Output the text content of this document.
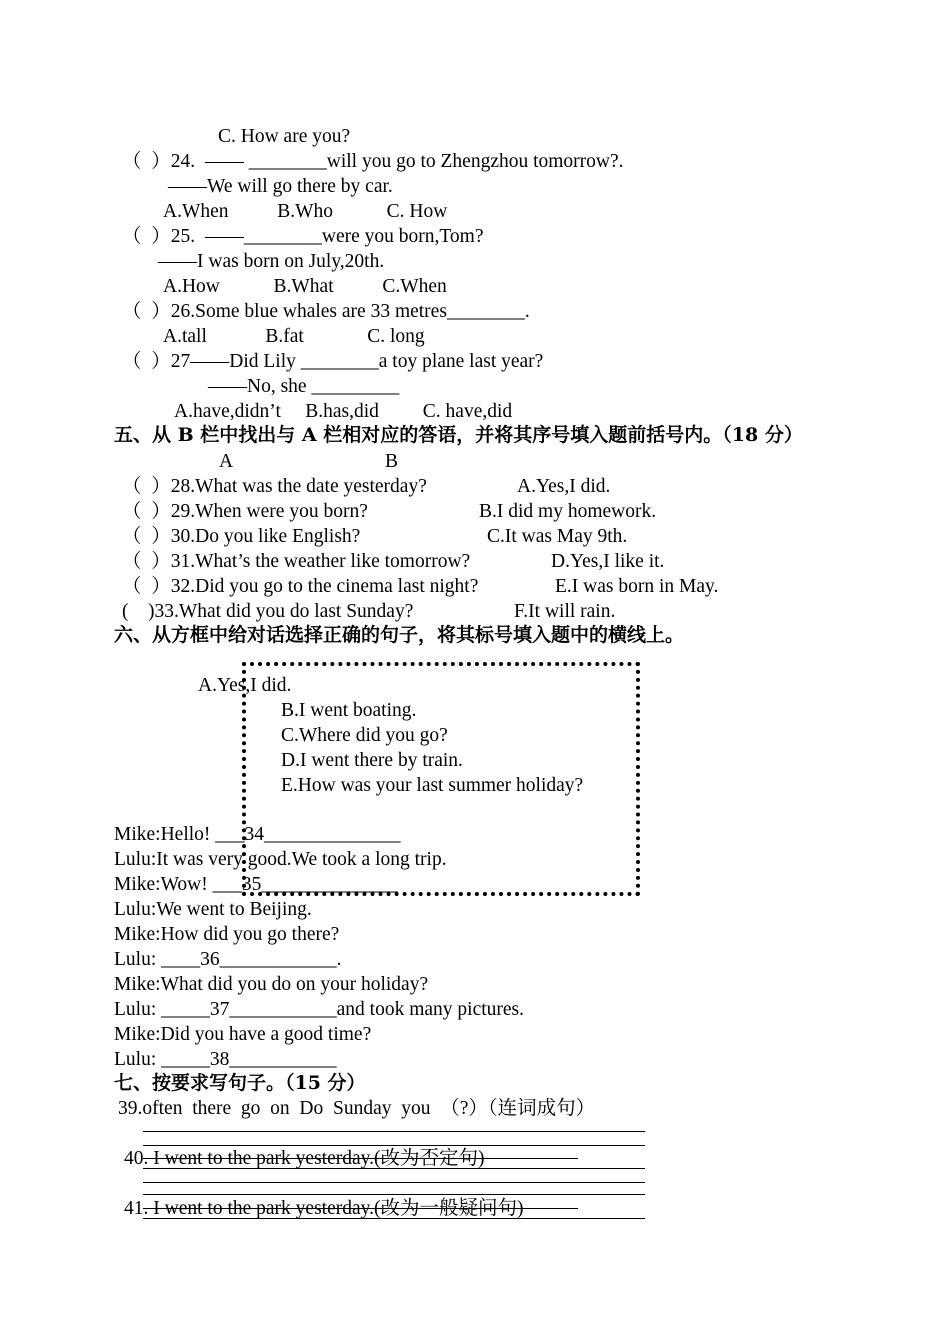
C. How are you?
（  ）24.  —— ________will you go to Zhengzhou tomorrow?.
——We will go there by car.
A.When          B.Who           C. How
（  ）25.  ——________were you born,Tom?
——I was born on July,20th.
A.How           B.What          C.When
（  ）26.Some blue whales are 33 metres________.
A.tall            B.fat             C. long
（  ）27——Did Lily ________a toy plane last year?
——No, she _________
A.have,didn’t     B.has,did         C. have,did
五、从 B 栏中找出与 A 栏相对应的答语，并将其序号填入题前括号内。（18 分）
A	B
（  ）28.What was the date yesterday?	A.Yes,I did.
（  ）29.When were you born?	B.I did my homework.
（  ）30.Do you like English?	C.It was May 9th.
（  ）31.What’s the weather like tomorrow?	D.Yes,I like it.
（  ）32.Did you go to the cinema last night?	E.I was born in May.
(    )33.What did you do last Sunday?	F.It will rain.
六、从方框中给对话选择正确的句子，将其标号填入题中的横线上。
A.Yes,I did.
B.I went boating.
C.Where did you go?
D.I went there by train.
E.How was your last summer holiday?
Mike:Hello! ___34______________
Lulu:It was very good.We took a long trip.
Mike:Wow! ___35______________
Lulu:We went to Beijing.
Mike:How did you go there?
Lulu: ____36____________.
Mike:What did you do on your holiday?
Lulu: _____37___________and took many pictures.
Mike:Did you have a good time?
Lulu: _____38___________
七、按要求写句子。（15 分）
39.often  there  go  on  Do  Sunday  you  （?）（连词成句）
40. I went to the park yesterday.(改为否定句)
41. I went to the park yesterday.(改为一般疑问句)
